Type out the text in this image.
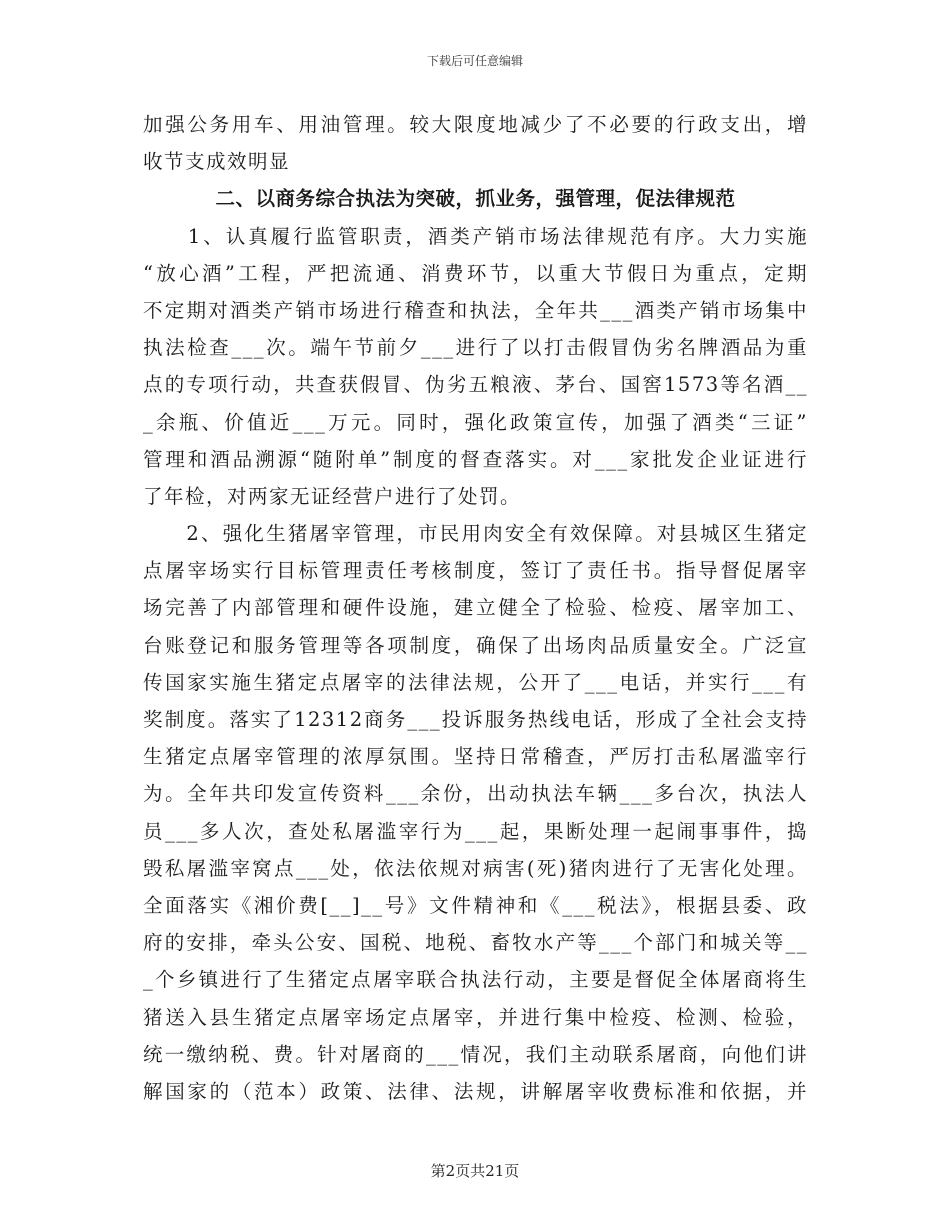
下载后可任意编辑
加强公务用车、用油管理。较大限度地减少了不必要的行政支出，增
收节支成效明显
二、以商务综合执法为突破，抓业务，强管理，促法律规范
　　1、认真履行监管职责，酒类产销市场法律规范有序。大力实施
“放心酒”工程，严把流通、消费环节，以重大节假日为重点，定期
不定期对酒类产销市场进行稽查和执法，全年共___酒类产销市场集中
执法检查___次。端午节前夕___进行了以打击假冒伪劣名牌酒品为重
点的专项行动，共查获假冒、伪劣五粮液、茅台、国窖1573等名酒__
_余瓶、价值近___万元。同时，强化政策宣传，加强了酒类“三证”
管理和酒品溯源“随附单”制度的督查落实。对___家批发企业证进行
了年检，对两家无证经营户进行了处罚。
　　2、强化生猪屠宰管理，市民用肉安全有效保障。对县城区生猪定
点屠宰场实行目标管理责任考核制度，签订了责任书。指导督促屠宰
场完善了内部管理和硬件设施，建立健全了检验、检疫、屠宰加工、
台账登记和服务管理等各项制度，确保了出场肉品质量安全。广泛宣
传国家实施生猪定点屠宰的法律法规，公开了___电话，并实行___有
奖制度。落实了12312商务___投诉服务热线电话，形成了全社会支持
生猪定点屠宰管理的浓厚氛围。坚持日常稽查，严厉打击私屠滥宰行
为。全年共印发宣传资料___余份，出动执法车辆___多台次，执法人
员___多人次，查处私屠滥宰行为___起，果断处理一起闹事事件，捣
毁私屠滥宰窝点___处，依法依规对病害(死)猪肉进行了无害化处理。
全面落实《湘价费[__]__号》文件精神和《___税法》，根据县委、政
府的安排，牵头公安、国税、地税、畜牧水产等___个部门和城关等__
_个乡镇进行了生猪定点屠宰联合执法行动，主要是督促全体屠商将生
猪送入县生猪定点屠宰场定点屠宰，并进行集中检疫、检测、检验，
统一缴纳税、费。针对屠商的___情况，我们主动联系屠商，向他们讲
解国家的（范本）政策、法律、法规，讲解屠宰收费标准和依据，并
第2页共21页
